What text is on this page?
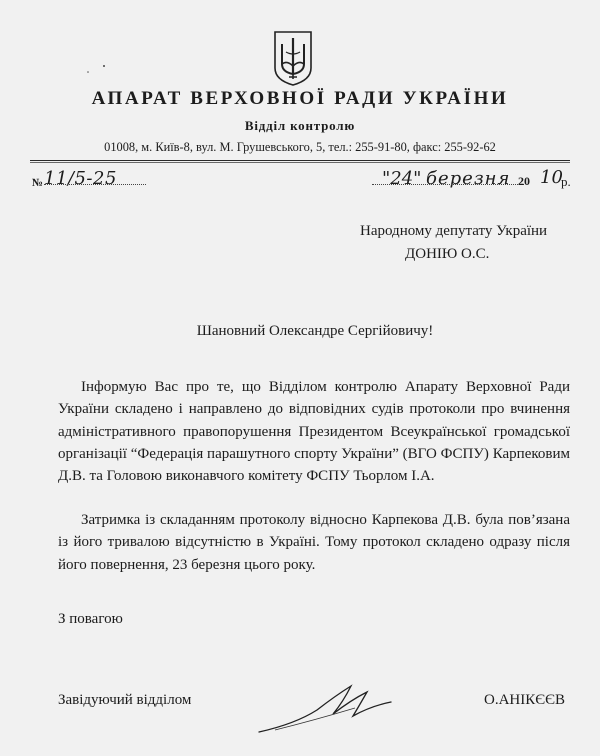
АПАРАТ ВЕРХОВНОЇ РАДИ УКРАЇНИ
Відділ контролю
01008, м. Київ-8, вул. М. Грушевського, 5, тел.: 255-91-80, факс: 255-92-62
№ 11/5-25	"24" березня 20 10
р.
Народному депутату України
ДОНІЮ О.С.
Шановний Олександре Сергійовичу!
Інформую Вас про те, що Відділом контролю Апарату Верховної Ради України складено і направлено до відповідних судів протоколи про вчинення адміністративного правопорушення Президентом Всеукраїнської громадської організації “Федерація парашутного спорту України” (ВГО ФСПУ) Карпековим Д.В. та Головою виконавчого комітету ФСПУ Тьорлом І.А.
Затримка із складанням протоколу відносно Карпекова Д.В. була пов’язана із його тривалою відсутністю в Україні. Тому протокол складено одразу після його повернення, 23 березня цього року.
З повагою
Завідуючий відділом	О.АНІКЄЄВ
